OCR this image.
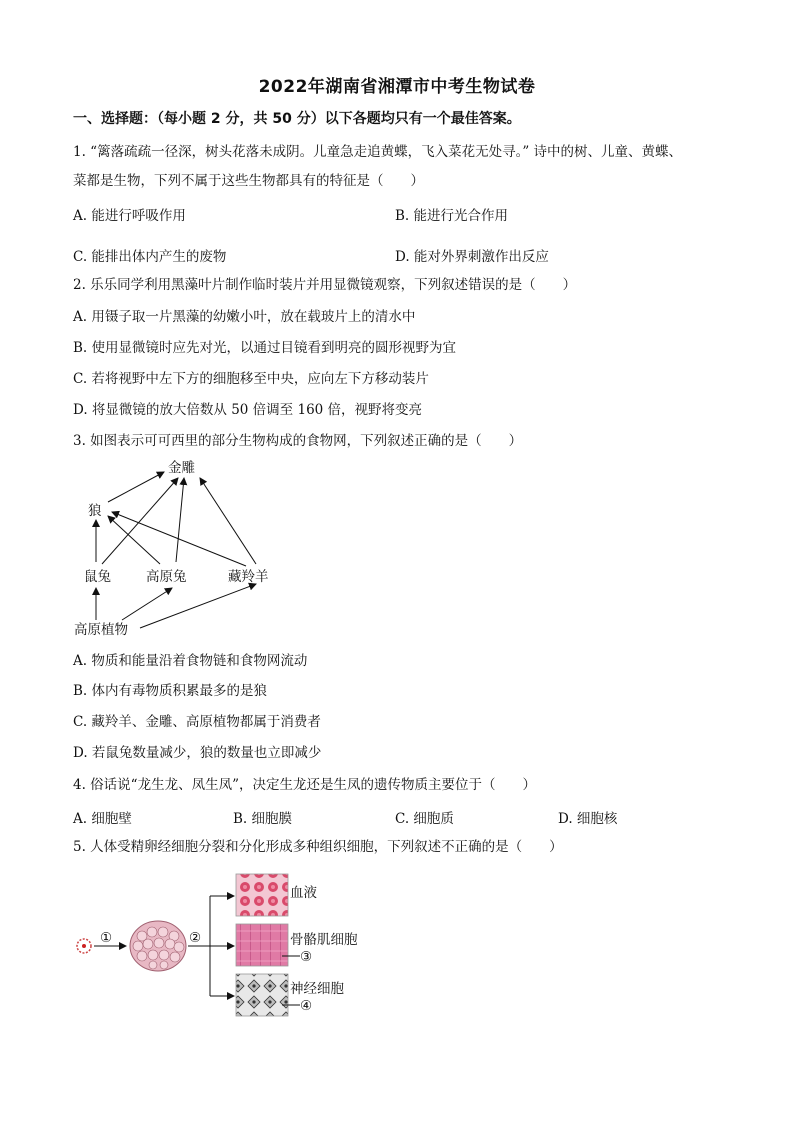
2022年湖南省湘潭市中考生物试卷
一、选择题：（每小题 2 分，共 50 分）以下各题均只有一个最佳答案。
1. “篱落疏疏一径深，树头花落未成阴。儿童急走追黄蝶，飞入菜花无处寻。” 诗中的树、儿童、黄蝶、
菜都是生物，下列不属于这些生物都具有的特征是（　　）
A. 能进行呼吸作用	B. 能进行光合作用
C. 能排出体内产生的废物	D. 能对外界刺激作出反应
2. 乐乐同学利用黑藻叶片制作临时装片并用显微镜观察，下列叙述错误的是（　　）
A. 用镊子取一片黑藻的幼嫩小叶，放在载玻片上的清水中
B. 使用显微镜时应先对光，以通过目镜看到明亮的圆形视野为宜
C. 若将视野中左下方的细胞移至中央，应向左下方移动装片
D. 将显微镜的放大倍数从 50 倍调至 160 倍，视野将变亮
3. 如图表示可可西里的部分生物构成的食物网，下列叙述正确的是（　　）
金雕
狼
鼠兔	高原兔	藏羚羊
高原植物
A. 物质和能量沿着食物链和食物网流动
B. 体内有毒物质积累最多的是狼
C. 藏羚羊、金雕、高原植物都属于消费者
D. 若鼠兔数量减少，狼的数量也立即减少
4. 俗话说“龙生龙、凤生凤”，决定生龙还是生凤的遗传物质主要位于（　　）
A. 细胞壁	B. 细胞膜	C. 细胞质	D. 细胞核
5. 人体受精卵经细胞分裂和分化形成多种组织细胞，下列叙述不正确的是（　　）
①	②
血液
骨骼肌细胞
③
神经细胞
④
